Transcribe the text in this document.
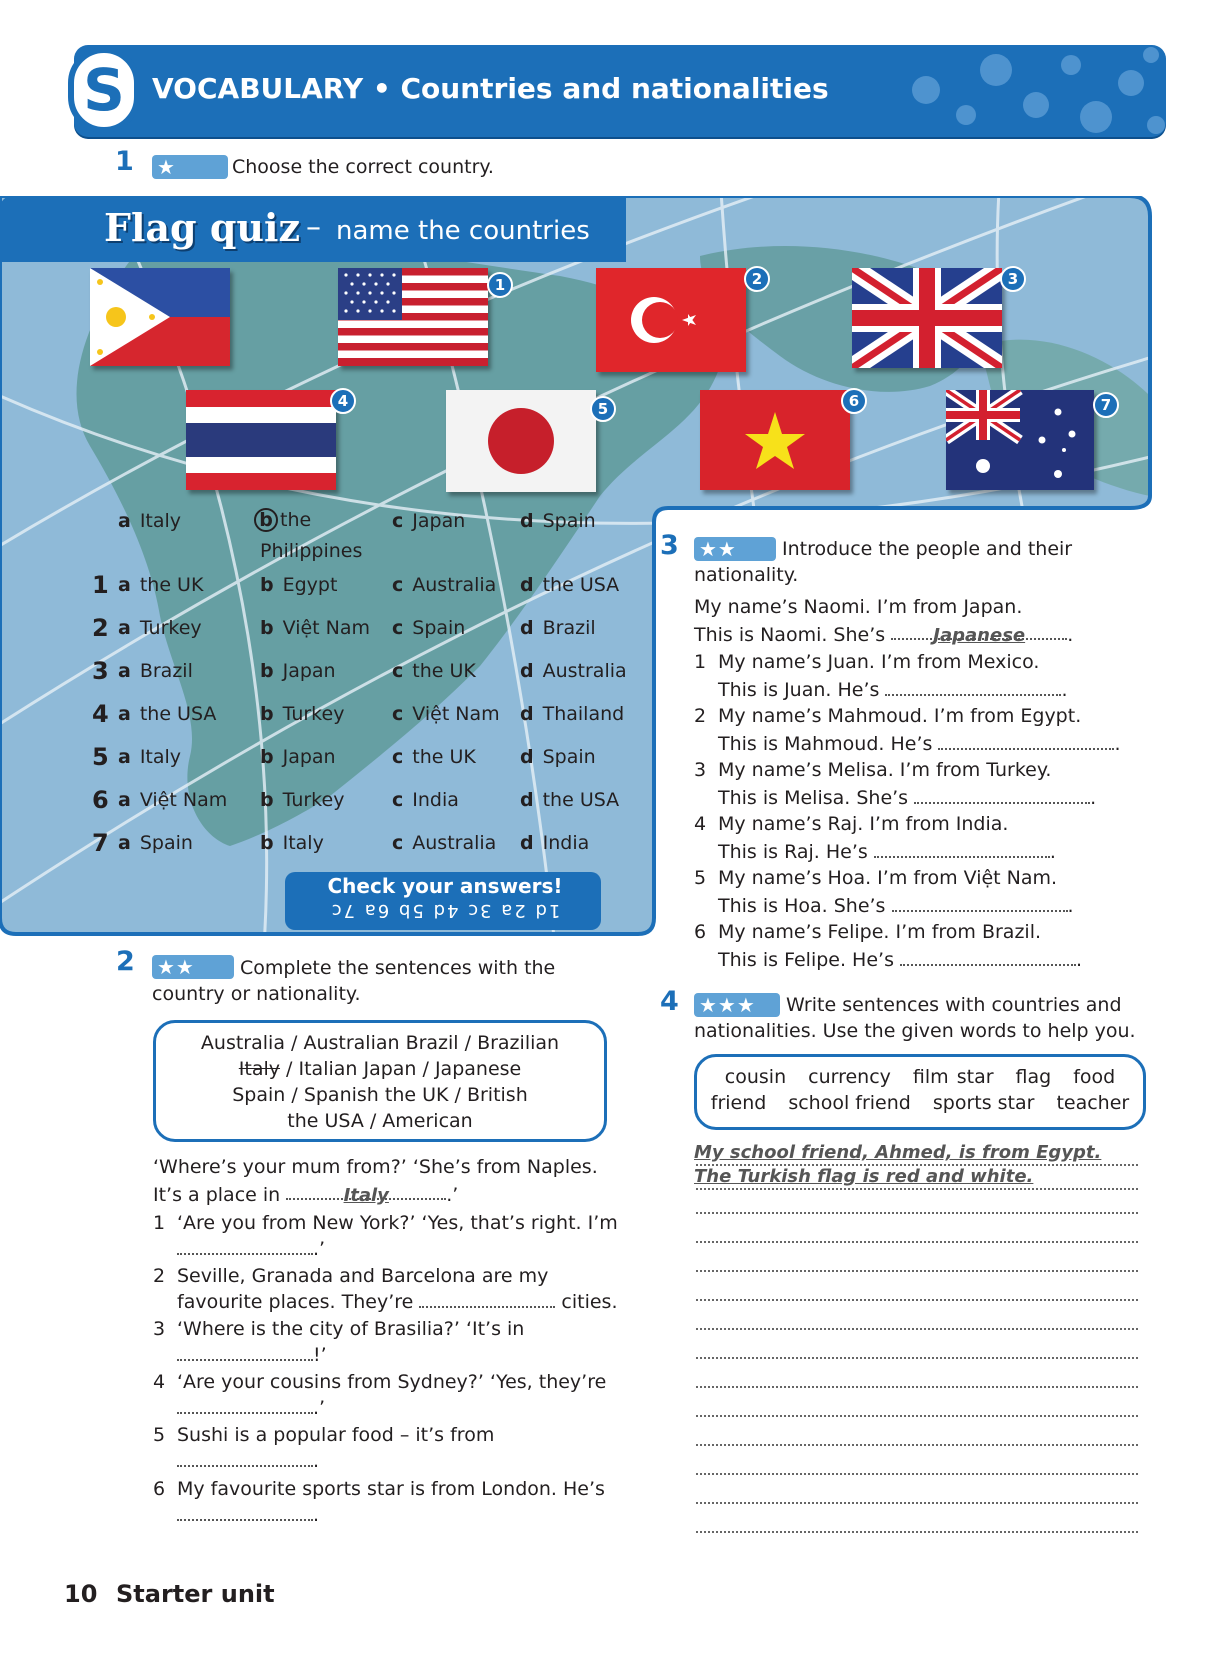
S VOCABULARY • Countries and nationalities
1 ★	Choose the correct country.
Flag quiz – name the countries
1	2	3
4	5	6	7
a Italy	b the
Philippines
c Japan	d Spain
1 a the UK	b Egypt	c Australia d the USA
2 a Turkey	b Việt Nam c Spain	d Brazil
3 a Brazil	b Japan	c the UK d Australia
4 a the USA b Turkey	c Việt Nam d Thailand
5 a Italy	b Japan	c the UK d Spain
6 a Việt Nam b Turkey	c India	d the USA
7 a Spain	b Italy	c Australia d India
Check your answers!
1d 2a 3c 4d 5b 6a 7c
2 ★★	Complete the sentences with the
country or nationality.
Australia / Australian Brazil / Brazilian
Italy / Italian Japan / Japanese
Spain / Spanish the UK / British
the USA / American
‘Where’s your mum from?’ ‘She’s from Naples.
It’s a place in	Italy	.’
1 ‘Are you from New York?’ ‘Yes, that’s right. I’m
.’
2 Seville, Granada and Barcelona are my
favourite places. They’re	cities.
3 ‘Where is the city of Brasilia?’ ‘It’s in
!’
4 ‘Are your cousins from Sydney?’ ‘Yes, they’re
.’
5 Sushi is a popular food – it’s from
.
6 My favourite sports star is from London. He’s
.
3 ★★	Introduce the people and their
nationality.
My name’s Naomi. I’m from Japan.
This is Naomi. She’s	Japanese .
1 My name’s Juan. I’m from Mexico.
This is Juan. He’s	.
2 My name’s Mahmoud. I’m from Egypt.
This is Mahmoud. He’s	.
3 My name’s Melisa. I’m from Turkey.
This is Melisa. She’s	.
4 My name’s Raj. I’m from India.
This is Raj. He’s	.
5 My name’s Hoa. I’m from Việt Nam.
This is Hoa. She’s	.
6 My name’s Felipe. I’m from Brazil.
This is Felipe. He’s	.
4 ★★★	Write sentences with countries and
nationalities. Use the given words to help you.
cousin currency film star flag food
friend school friend sports star teacher
My school friend, Ahmed, is from Egypt.
The Turkish flag is red and white.
10 Starter unit
